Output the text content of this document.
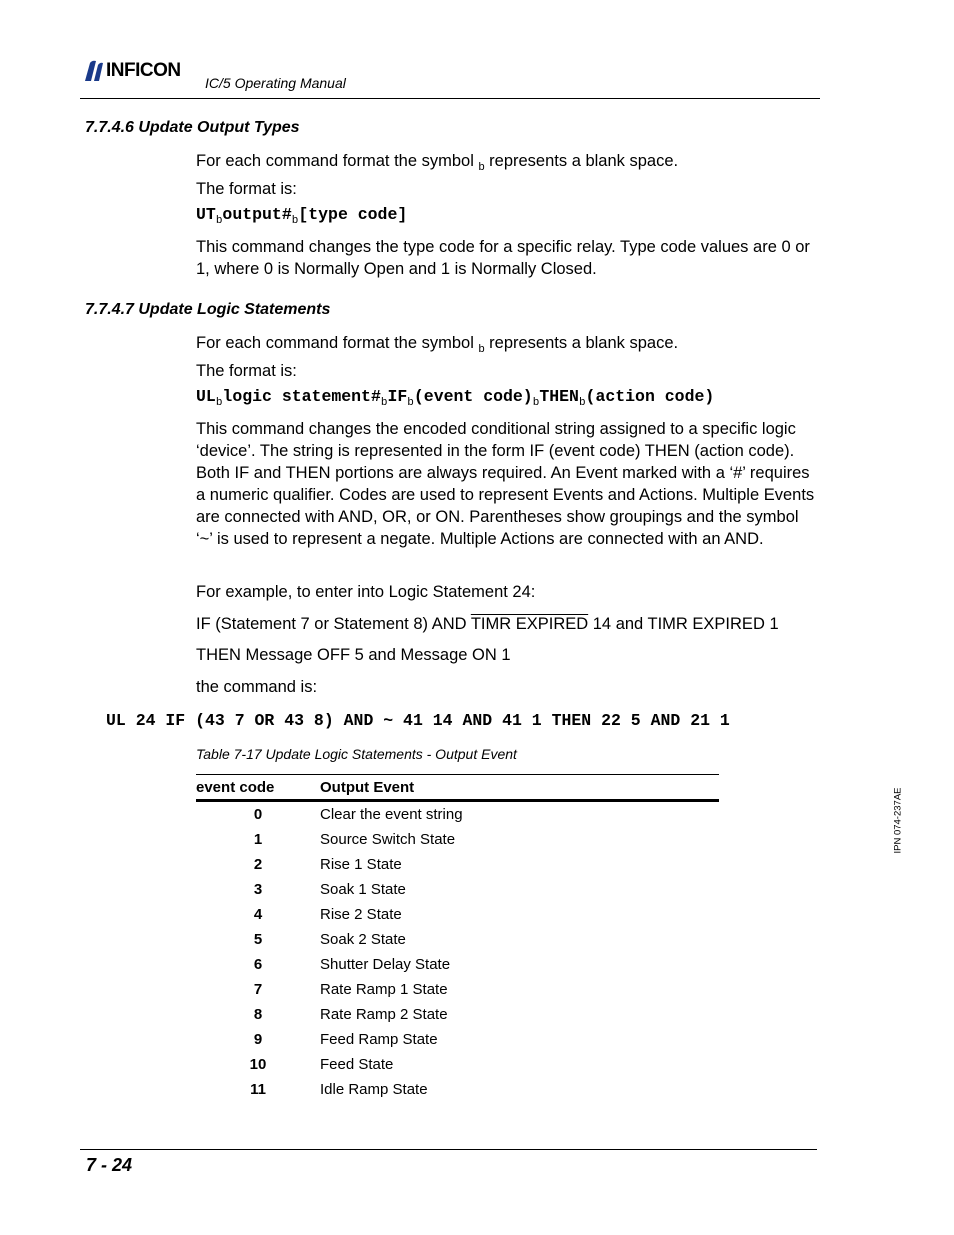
INFICON
IC/5 Operating Manual
7.7.4.6 Update Output Types
For each command format the symbol $_b$ represents a blank space.
The format is:
$UT_boutput\#_b[type$ code]
This command changes the type code for a specific relay. Type code values are 0 or 1, where 0 is Normally Open and 1 is Normally Closed.
7.7.4.7 Update Logic Statements
For each command format the symbol $_b$ represents a blank space.
The format is:
$UL_blogic$ $statement\#_bIF_b(event$ $code)_bTHEN_b(action$ code)
This command changes the encoded conditional string assigned to a specific logic ‘device’. The string is represented in the form IF (event code) THEN (action code). Both IF and THEN portions are always required. An Event marked with a ‘#’ requires a numeric qualifier. Codes are used to represent Events and Actions. Multiple Events are connected with AND, OR, or ON. Parentheses show groupings and the symbol ‘~’ is used to represent a negate. Multiple Actions are connected with an AND.
For example, to enter into Logic Statement 24:
IF (Statement 7 or Statement 8) AND TIMR EXPIRED 14 and TIMR EXPIRED 1
THEN Message OFF 5 and Message ON 1
the command is:
UL 24 IF (43 7 OR 43 8) AND ~ 41 14 AND 41 1 THEN 22 5 AND 21 1
Table 7-17 Update Logic Statements - Output Event
event code	Output Event
0	Clear the event string
1	Source Switch State
2	Rise 1 State
3	Soak 1 State
4	Rise 2 State
5	Soak 2 State
6	Shutter Delay State
7	Rate Ramp 1 State
8	Rate Ramp 2 State
9	Feed Ramp State
10	Feed State
11	Idle Ramp State
IPN 074-237AE
7 - 24
